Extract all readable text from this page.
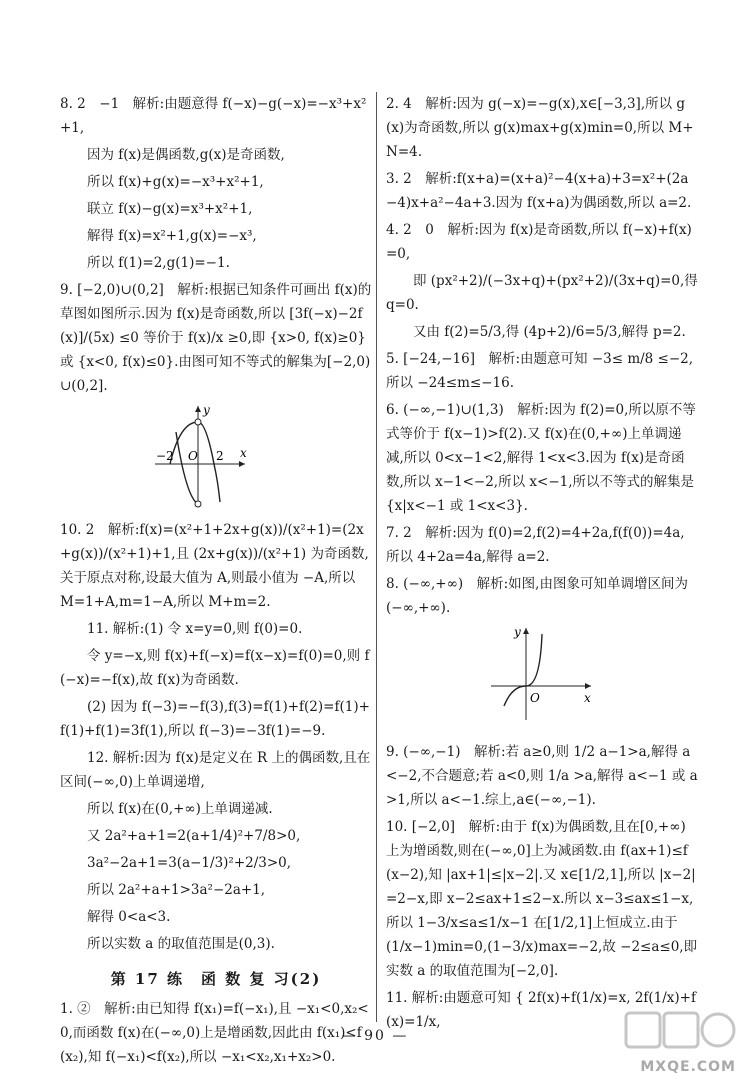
8. 2　−1　解析:由题意得 f(−x)−g(−x)=−x³+x²+1,

因为 f(x)是偶函数,g(x)是奇函数,

所以 f(x)+g(x)=−x³+x²+1,

联立 f(x)−g(x)=x³+x²+1,

解得 f(x)=x²+1,g(x)=−x³,

所以 f(1)=2,g(1)=−1.

9. [−2,0)∪(0,2]　解析:根据已知条件可画出 f(x)的草图如图所示.因为 f(x)是奇函数,所以 [3f(−x)−2f(x)]/(5x) ≤0 等价于 f(x)/x ≥0,即 {x>0, f(x)≥0} 或 {x<0, f(x)≤0}.由图可知不等式的解集为[−2,0)∪(0,2].

y
x
O
−2	2

10. 2　解析:f(x)=(x²+1+2x+g(x))/(x²+1)=(2x+g(x))/(x²+1)+1,且 (2x+g(x))/(x²+1) 为奇函数,关于原点对称,设最大值为 A,则最小值为 −A,所以 M=1+A,m=1−A,所以 M+m=2.

11. 解析:(1) 令 x=y=0,则 f(0)=0.

令 y=−x,则 f(x)+f(−x)=f(x−x)=f(0)=0,则 f(−x)=−f(x),故 f(x)为奇函数.

(2) 因为 f(−3)=−f(3),f(3)=f(1)+f(2)=f(1)+f(1)+f(1)=3f(1),所以 f(−3)=−3f(1)=−9.

12. 解析:因为 f(x)是定义在 R 上的偶函数,且在区间(−∞,0)上单调递增,

所以 f(x)在(0,+∞)上单调递减.

又 2a²+a+1=2(a+1/4)²+7/8>0,

3a²−2a+1=3(a−1/3)²+2/3>0,

所以 2a²+a+1>3a²−2a+1,

解得 0<a<3.

所以实数 a 的取值范围是(0,3).

第 17 练　函 数 复 习(2)

1. ②　解析:由已知得 f(x₁)=f(−x₁),且 −x₁<0,x₂<0,而函数 f(x)在(−∞,0)上是增函数,因此由 f(x₁)<f(x₂),知 f(−x₁)<f(x₂),所以 −x₁<x₂,x₁+x₂>0.

2. 4　解析:因为 g(−x)=−g(x),x∈[−3,3],所以 g(x)为奇函数,所以 g(x)max+g(x)min=0,所以 M+N=4.

3. 2　解析:f(x+a)=(x+a)²−4(x+a)+3=x²+(2a−4)x+a²−4a+3.因为 f(x+a)为偶函数,所以 a=2.

4. 2　0　解析:因为 f(x)是奇函数,所以 f(−x)+f(x)=0,

即 (px²+2)/(−3x+q)+(px²+2)/(3x+q)=0,得 q=0.

又由 f(2)=5/3,得 (4p+2)/6=5/3,解得 p=2.

5. [−24,−16]　解析:由题意可知 −3≤ m/8 ≤−2,所以 −24≤m≤−16.

6. (−∞,−1)∪(1,3)　解析:因为 f(2)=0,所以原不等式等价于 f(x−1)>f(2).又 f(x)在(0,+∞)上单调递减,所以 0<x−1<2,解得 1<x<3.因为 f(x)是奇函数,所以 x−1<−2,所以 x<−1,所以不等式的解集是{x|x<−1 或 1<x<3}.

7. 2　解析:因为 f(0)=2,f(2)=4+2a,f(f(0))=4a,所以 4+2a=4a,解得 a=2.

8. (−∞,+∞)　解析:如图,由图象可知单调增区间为(−∞,+∞).

y
x
O

9. (−∞,−1)　解析:若 a≥0,则 1/2 a−1>a,解得 a<−2,不合题意;若 a<0,则 1/a >a,解得 a<−1 或 a>1,所以 a<−1.综上,a∈(−∞,−1).

10. [−2,0]　解析:由于 f(x)为偶函数,且在[0,+∞)上为增函数,则在(−∞,0]上为减函数.由 f(ax+1)≤f(x−2),知 |ax+1|≤|x−2|.又 x∈[1/2,1],所以 |x−2|=2−x,即 x−2≤ax+1≤2−x.所以 x−3≤ax≤1−x,所以 1−3/x≤a≤1/x−1 在[1/2,1]上恒成立.由于 (1/x−1)min=0,(1−3/x)max=−2,故 −2≤a≤0,即实数 a 的取值范围为[−2,0].

11. 解析:由题意可知 { 2f(x)+f(1/x)=x, 2f(1/x)+f(x)=1/x,

— 90 —
MXQE.COM
